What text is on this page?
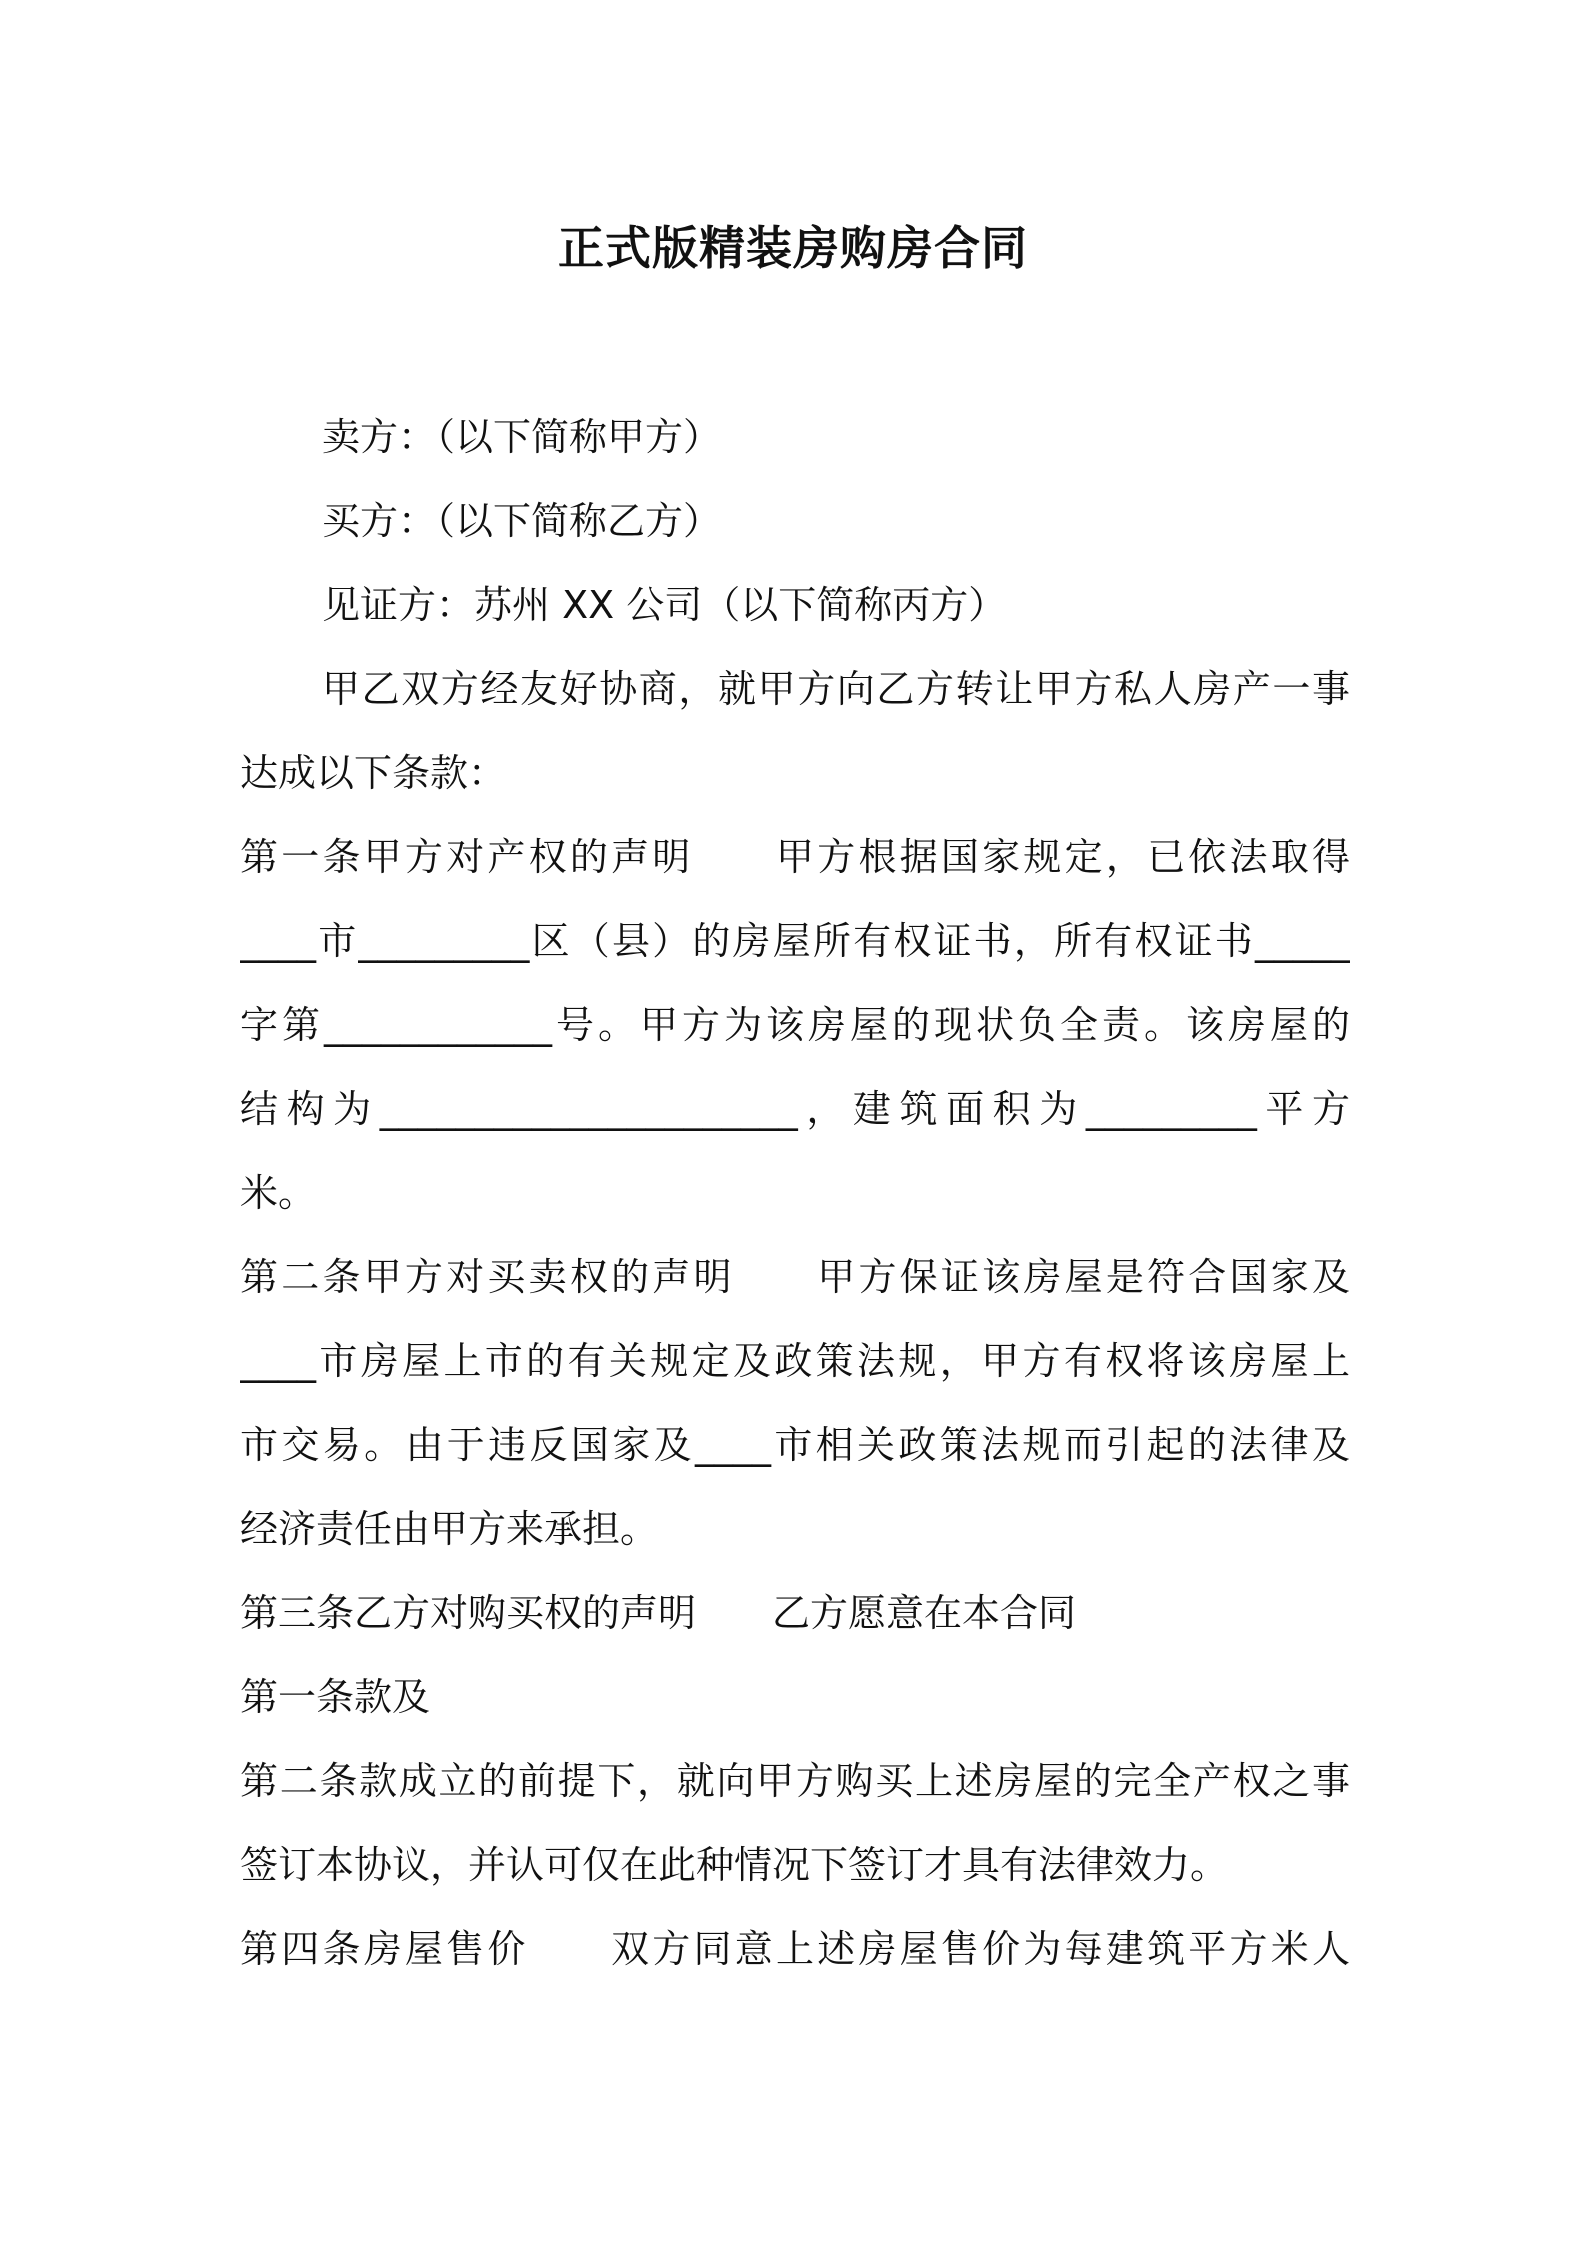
正式版精装房购房合同
卖方：（以下简称甲方）
买方：（以下简称乙方）
见证方：苏州 XX 公司（以下简称丙方）
甲乙双方经友好协商，就甲方向乙方转让甲方私人房产一事
达成以下条款：
第一条甲方对产权的声明　　甲方根据国家规定，已依法取得
____市_________区（县）的房屋所有权证书，所有权证书_____
字第____________号。甲方为该房屋的现状负全责。该房屋的
结构为______________________，建筑面积为_________平方
米。
第二条甲方对买卖权的声明　　甲方保证该房屋是符合国家及
____市房屋上市的有关规定及政策法规，甲方有权将该房屋上
市交易。由于违反国家及____市相关政策法规而引起的法律及
经济责任由甲方来承担。
第三条乙方对购买权的声明　　乙方愿意在本合同
第一条款及
第二条款成立的前提下，就向甲方购买上述房屋的完全产权之事
签订本协议，并认可仅在此种情况下签订才具有法律效力。
第四条房屋售价　　双方同意上述房屋售价为每建筑平方米人
